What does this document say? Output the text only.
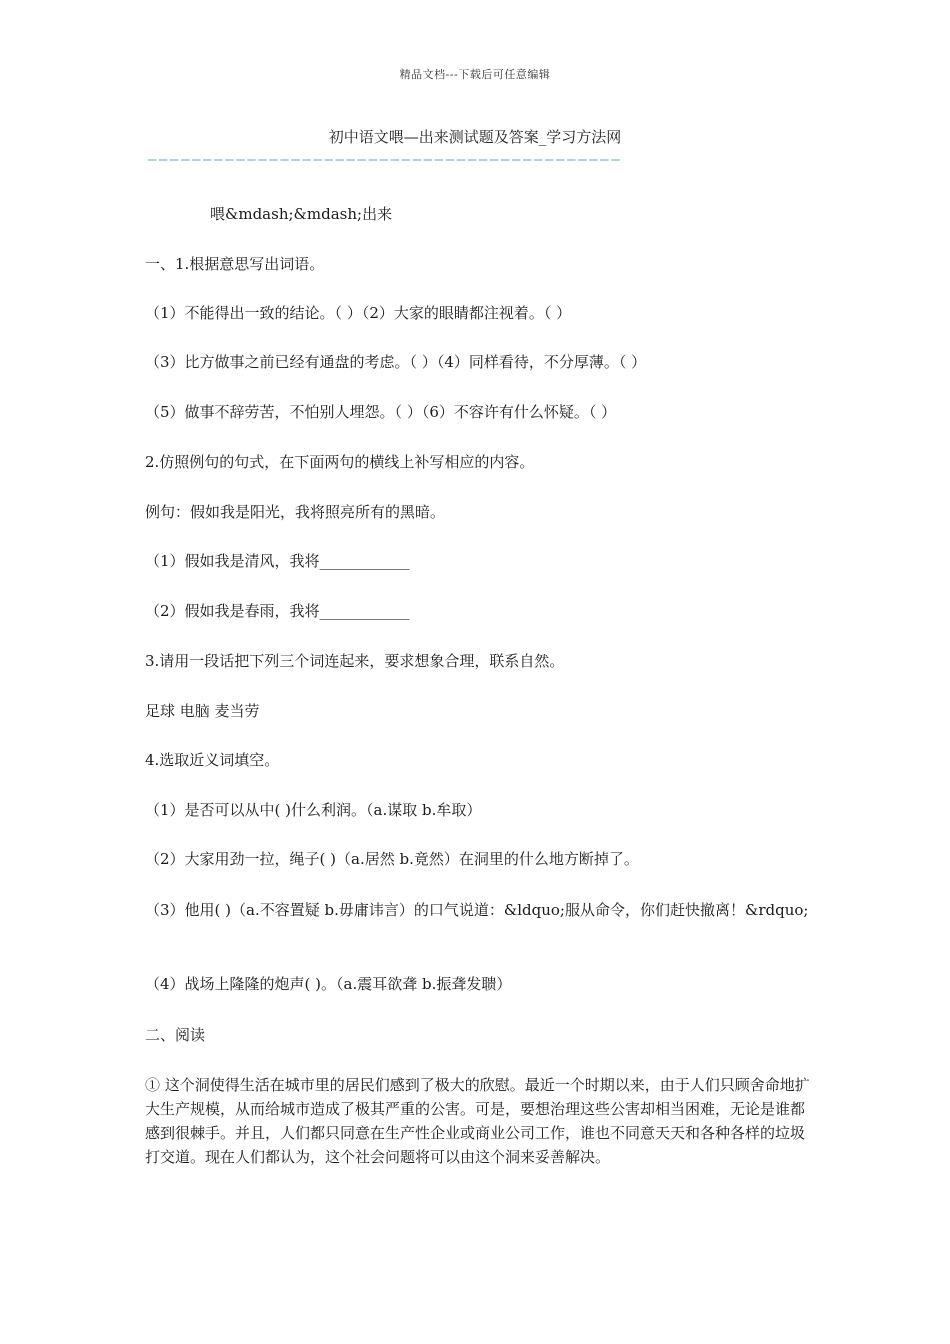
精品文档---下载后可任意编辑
初中语文喂—出来测试题及答案_学习方法网
———————————————————————————————————————————
喂&mdash;&mdash;出来
一、1.根据意思写出词语。
（1）不能得出一致的结论。（ ）（2）大家的眼睛都注视着。（ ）
（3）比方做事之前已经有通盘的考虑。（ ）（4）同样看待，不分厚薄。（ ）
（5）做事不辞劳苦，不怕别人埋怨。（ ）（6）不容许有什么怀疑。（ ）
2.仿照例句的句式，在下面两句的横线上补写相应的内容。
例句：假如我是阳光，我将照亮所有的黑暗。
（1）假如我是清风，我将____________
（2）假如我是春雨，我将____________
3.请用一段话把下列三个词连起来，要求想象合理，联系自然。
足球 电脑 麦当劳
4.选取近义词填空。
（1）是否可以从中( )什么利润。（a.谋取 b.牟取）
（2）大家用劲一拉，绳子( )（a.居然 b.竟然）在洞里的什么地方断掉了。
（3）他用( )（a.不容置疑 b.毋庸讳言）的口气说道：&ldquo;服从命令，你们赶快撤离！&rdquo;
（4）战场上隆隆的炮声( )。（a.震耳欲聋 b.振聋发聩）
二、阅读
① 这个洞使得生活在城市里的居民们感到了极大的欣慰。最近一个时期以来，由于人们只顾舍命地扩大生产规模，从而给城市造成了极其严重的公害。可是，要想治理这些公害却相当困难，无论是谁都感到很棘手。并且，人们都只同意在生产性企业或商业公司工作，谁也不同意天天和各种各样的垃圾打交道。现在人们都认为，这个社会问题将可以由这个洞来妥善解决。
